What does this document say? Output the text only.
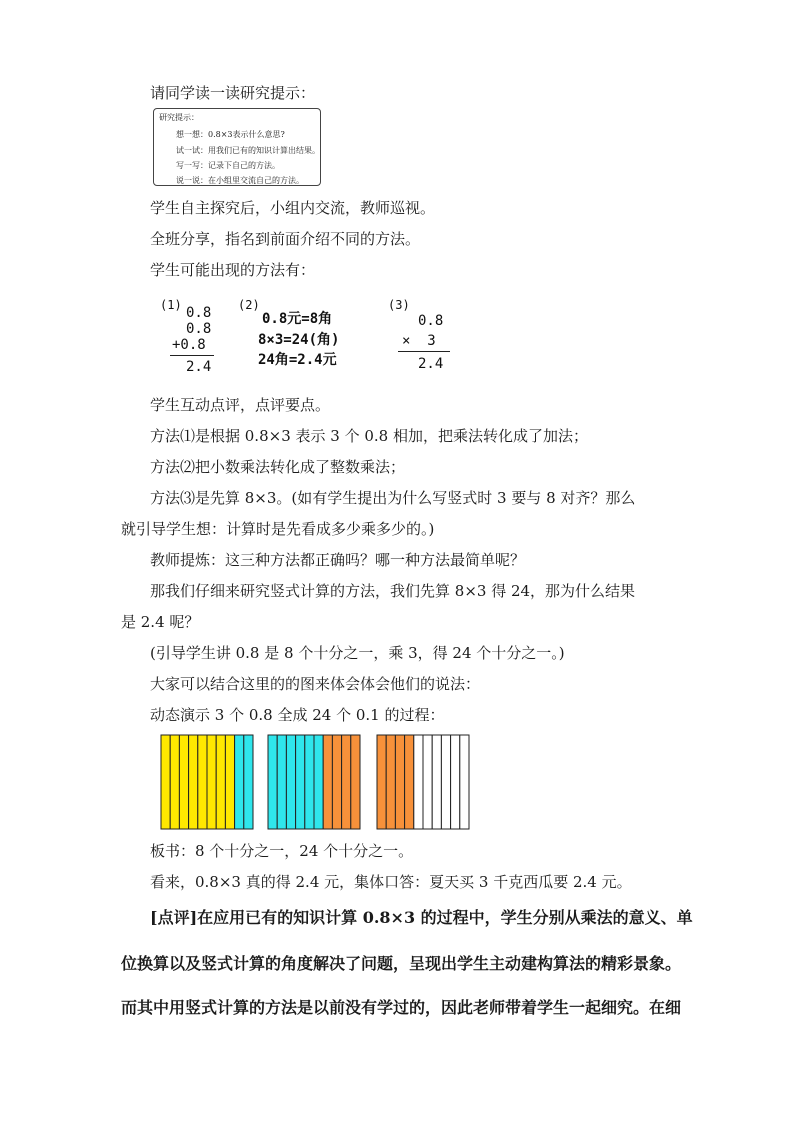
请同学读一读研究提示：
研究提示：
想一想：0.8×3表示什么意思?
试一试：用我们已有的知识计算出结果。
写一写：记录下自己的方法。
说一说：在小组里交流自己的方法。
学生自主探究后，小组内交流，教师巡视。
全班分享，指名到前面介绍不同的方法。
学生可能出现的方法有：
(1) 0.8
0.8
+0.8
2.4
(2)
0.8元=8角
8×3=24(角)
24角=2.4元
(3)
0.8
×  3
2.4
学生互动点评，点评要点。
方法⑴是根据 0.8×3 表示 3 个 0.8 相加，把乘法转化成了加法；
方法⑵把小数乘法转化成了整数乘法；
方法⑶是先算 8×3。(如有学生提出为什么写竖式时 3 要与 8 对齐？那么
就引导学生想：计算时是先看成多少乘多少的。)
教师提炼：这三种方法都正确吗？哪一种方法最简单呢？
那我们仔细来研究竖式计算的方法，我们先算 8×3 得 24，那为什么结果
是 2.4 呢？
(引导学生讲 0.8 是 8 个十分之一，乘 3，得 24 个十分之一。)
大家可以结合这里的的图来体会体会他们的说法：
动态演示 3 个 0.8 全成 24 个 0.1 的过程：
板书：8 个十分之一，24 个十分之一。
看来，0.8×3 真的得 2.4 元，集体口答：夏天买 3 千克西瓜要 2.4 元。
[点评]在应用已有的知识计算 0.8×3 的过程中，学生分别从乘法的意义、单
位换算以及竖式计算的角度解决了问题，呈现出学生主动建构算法的精彩景象。
而其中用竖式计算的方法是以前没有学过的，因此老师带着学生一起细究。在细
